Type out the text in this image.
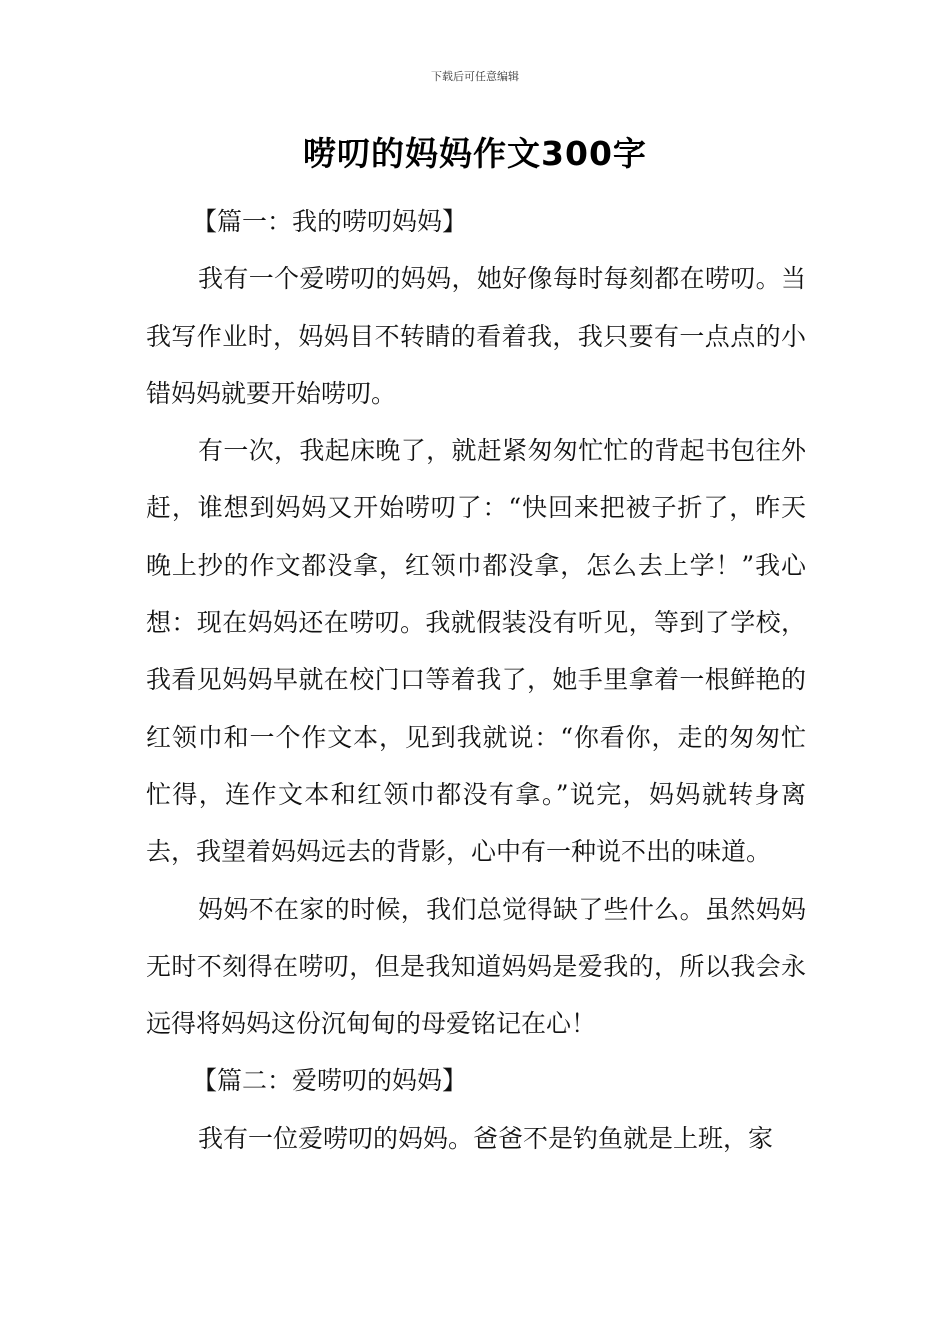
下载后可任意编辑
唠叨的妈妈作文300字

【篇一：我的唠叨妈妈】

我有一个爱唠叨的妈妈，她好像每时每刻都在唠叨。当我写作业时，妈妈目不转睛的看着我，我只要有一点点的小错妈妈就要开始唠叨。

有一次，我起床晚了，就赶紧匆匆忙忙的背起书包往外赶，谁想到妈妈又开始唠叨了：“快回来把被子折了，昨天晚上抄的作文都没拿，红领巾都没拿，怎么去上学！”我心想：现在妈妈还在唠叨。我就假装没有听见，等到了学校，我看见妈妈早就在校门口等着我了，她手里拿着一根鲜艳的红领巾和一个作文本，见到我就说：“你看你，走的匆匆忙忙得，连作文本和红领巾都没有拿。”说完，妈妈就转身离去，我望着妈妈远去的背影，心中有一种说不出的味道。

妈妈不在家的时候，我们总觉得缺了些什么。虽然妈妈无时不刻得在唠叨，但是我知道妈妈是爱我的，所以我会永远得将妈妈这份沉甸甸的母爱铭记在心！

【篇二：爱唠叨的妈妈】

我有一位爱唠叨的妈妈。爸爸不是钓鱼就是上班，家
